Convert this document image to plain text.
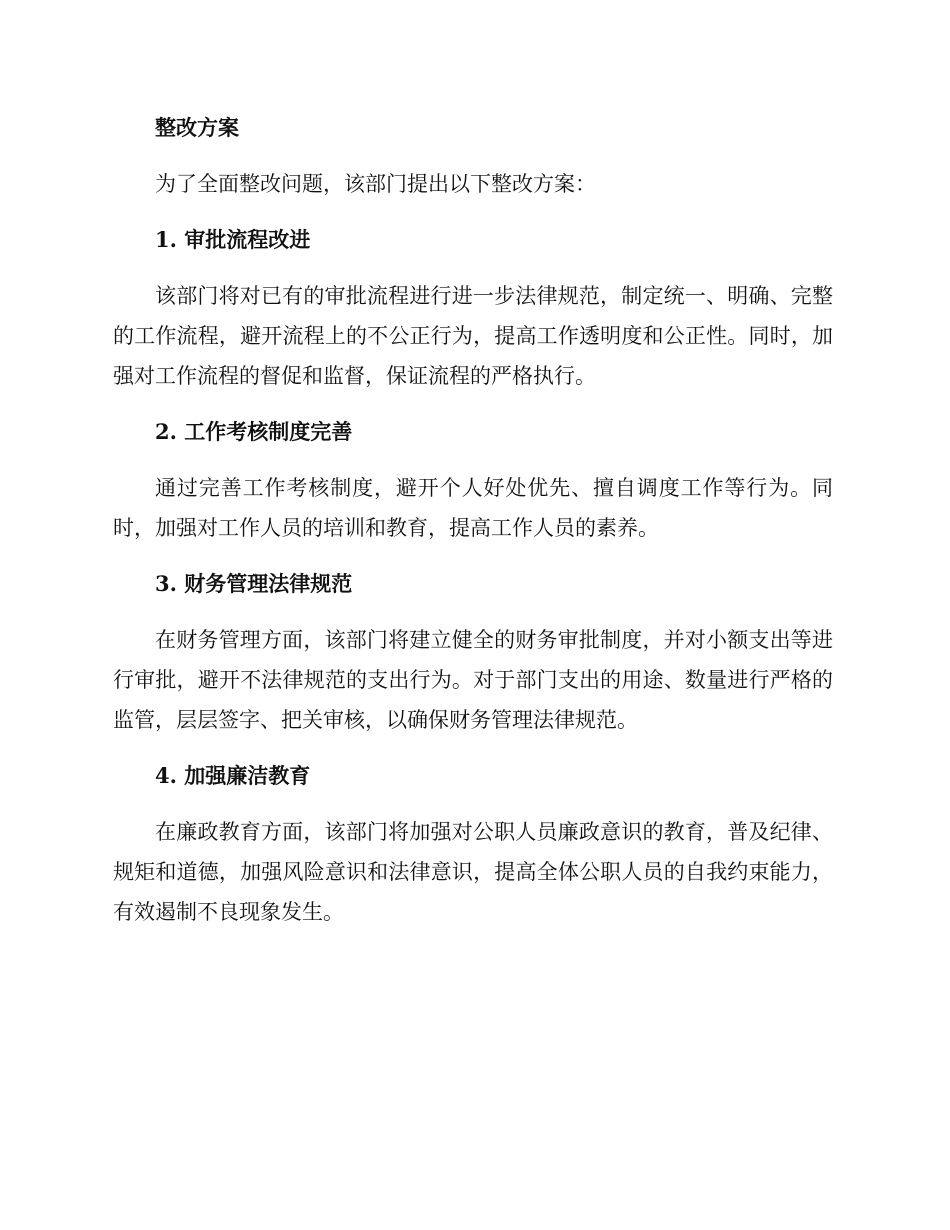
整改方案

为了全面整改问题，该部门提出以下整改方案：

1. 审批流程改进

该部门将对已有的审批流程进行进一步法律规范，制定统一、明确、完整的工作流程，避开流程上的不公正行为，提高工作透明度和公正性。同时，加强对工作流程的督促和监督，保证流程的严格执行。

2. 工作考核制度完善

通过完善工作考核制度，避开个人好处优先、擅自调度工作等行为。同时，加强对工作人员的培训和教育，提高工作人员的素养。

3. 财务管理法律规范

在财务管理方面，该部门将建立健全的财务审批制度，并对小额支出等进行审批，避开不法律规范的支出行为。对于部门支出的用途、数量进行严格的监管，层层签字、把关审核，以确保财务管理法律规范。

4. 加强廉洁教育

在廉政教育方面，该部门将加强对公职人员廉政意识的教育，普及纪律、规矩和道德，加强风险意识和法律意识，提高全体公职人员的自我约束能力，有效遏制不良现象发生。
